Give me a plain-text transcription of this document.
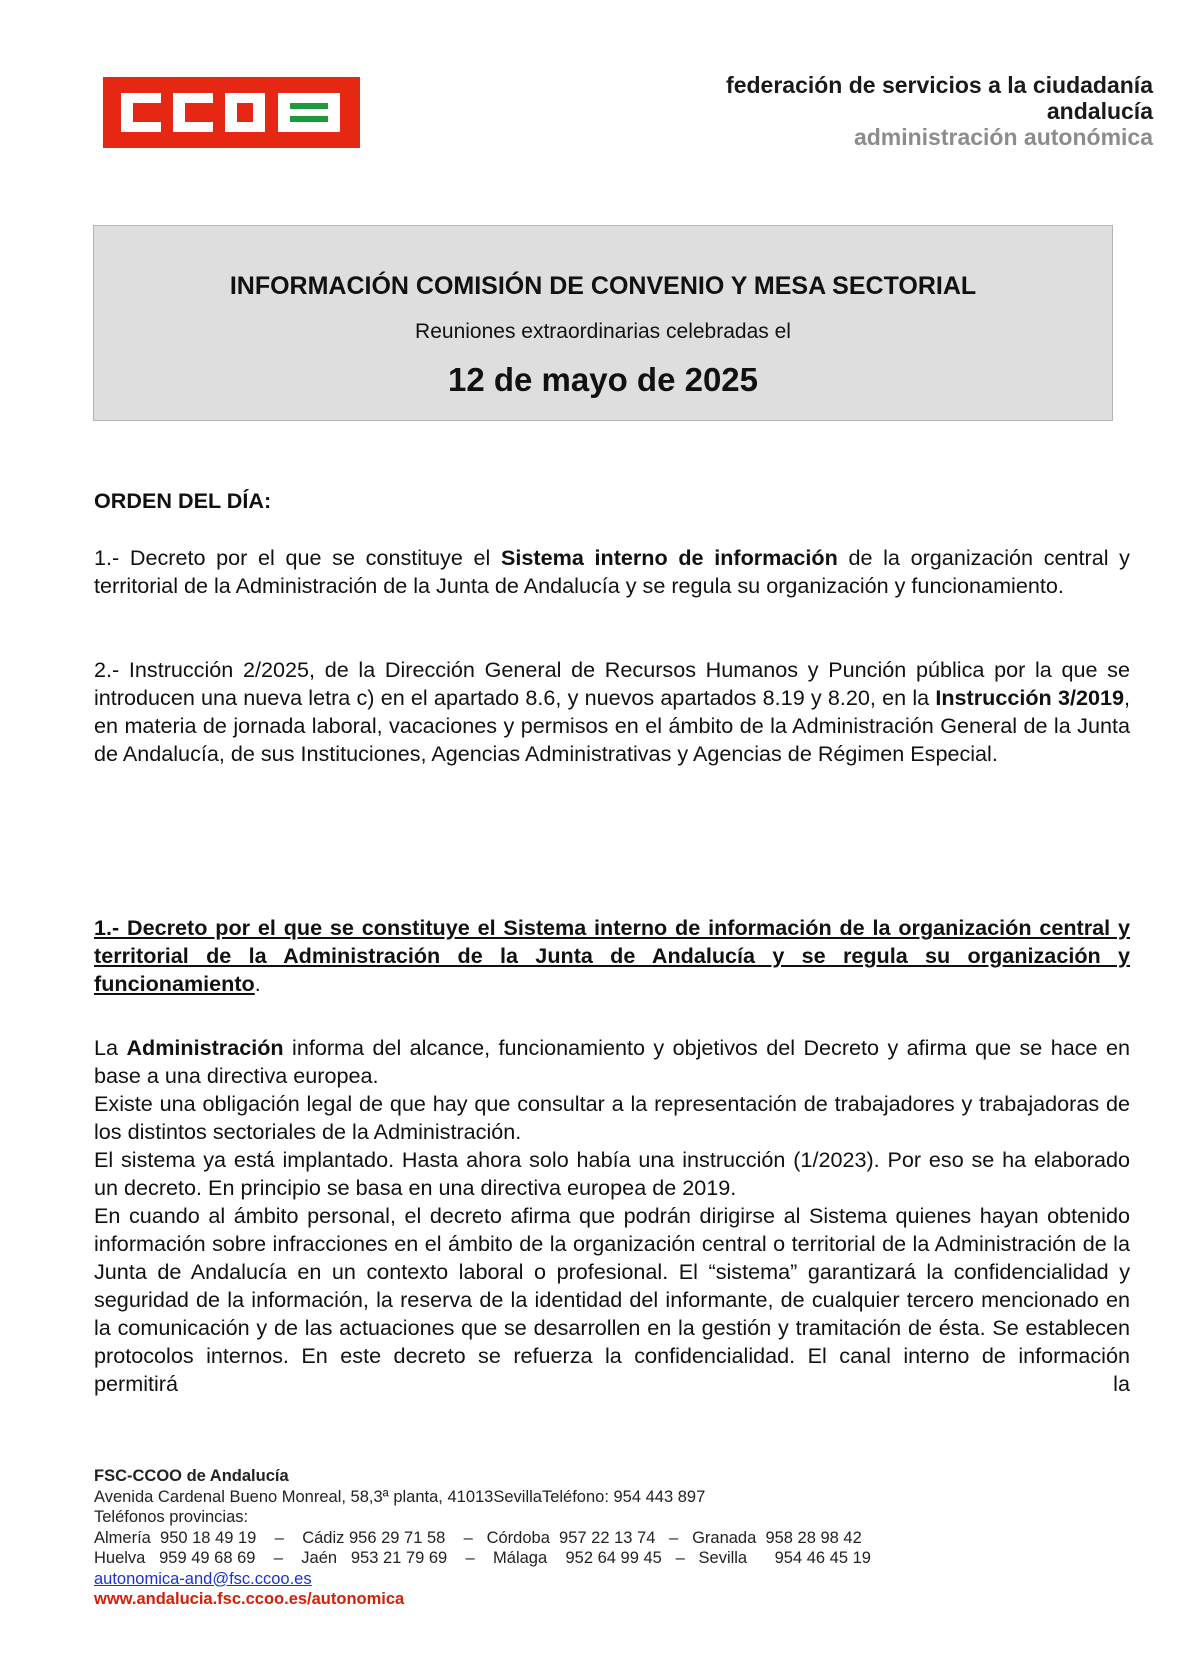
federación de servicios a la ciudadanía
andalucía
administración autonómica
INFORMACIÓN COMISIÓN DE CONVENIO Y MESA SECTORIAL
Reuniones extraordinarias celebradas el
12 de mayo de 2025
ORDEN DEL DÍA:

1.- Decreto por el que se constituye el Sistema interno de información de la organización central y territorial de la Administración de la Junta de Andalucía y se regula su organización y funcionamiento.

2.- Instrucción 2/2025, de la Dirección General de Recursos Humanos y Punción pública por la que se introducen una nueva letra c) en el apartado 8.6, y nuevos apartados 8.19 y 8.20, en la Instrucción 3/2019, en materia de jornada laboral, vacaciones y permisos en el ámbito de la Administración General de la Junta de Andalucía, de sus Instituciones, Agencias Administrativas y Agencias de Régimen Especial.

1.- Decreto por el que se constituye el Sistema interno de información de la organización central y territorial de la Administración de la Junta de Andalucía y se regula su organización y funcionamiento.

La Administración informa del alcance, funcionamiento y objetivos del Decreto y afirma que se hace en base a una directiva europea.

Existe una obligación legal de que hay que consultar a la representación de trabajadores y trabajadoras de los distintos sectoriales de la Administración.

El sistema ya está implantado. Hasta ahora solo había una instrucción (1/2023). Por eso se ha elaborado un decreto. En principio se basa en una directiva europea de 2019.

En cuando al ámbito personal, el decreto afirma que podrán dirigirse al Sistema quienes hayan obtenido información sobre infracciones en el ámbito de la organización central o territorial de la Administración de la Junta de Andalucía en un contexto laboral o profesional. El “sistema” garantizará la confidencialidad y seguridad de la información, la reserva de la identidad del informante, de cualquier tercero mencionado en la comunicación y de las actuaciones que se desarrollen en la gestión y tramitación de ésta. Se establecen protocolos internos. En este decreto se refuerza la confidencialidad. El canal interno de información permitirá la

FSC-CCOO de Andalucía
Avenida Cardenal Bueno Monreal, 58,3ª planta, 41013SevillaTeléfono: 954 443 897
Teléfonos provincias:
Almería  950 18 49 19    –    Cádiz 956 29 71 58    –   Córdoba  957 22 13 74   –   Granada  958 28 98 42
Huelva   959 49 68 69    –    Jaén   953 21 79 69    –    Málaga    952 64 99 45   –   Sevilla      954 46 45 19
autonomica-and@fsc.ccoo.es
www.andalucia.fsc.ccoo.es/autonomica
